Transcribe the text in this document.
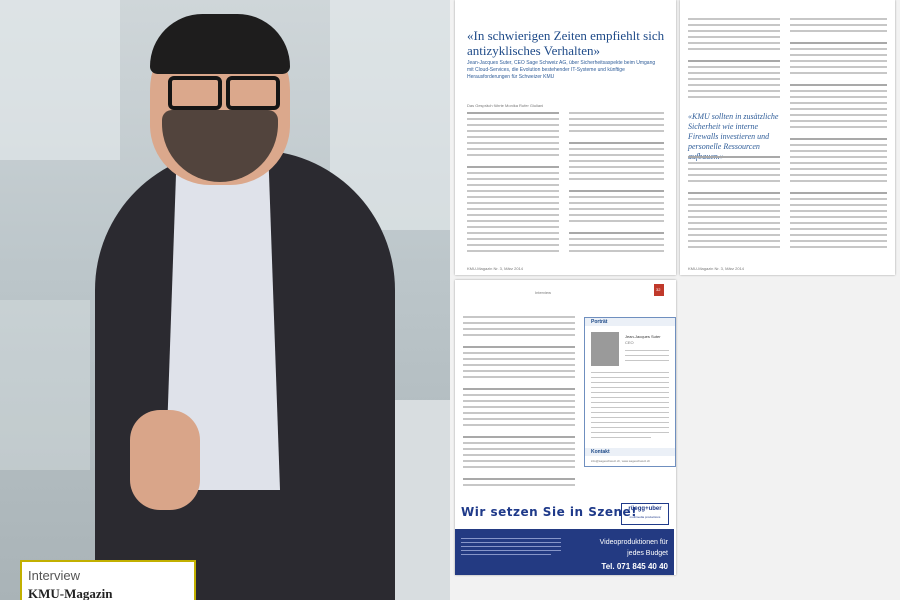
Interview
KMU-Magazin
«In schwierigen Zeiten empfiehlt sich antizyklisches Verhalten»
Jean-Jacques Suter, CEO Sage Schweiz AG, über Sicherheitsaspekte beim Umgang mit Cloud-Services, die Evolution bestehender IT-Systeme und künftige Herausforderungen für Schweizer KMU
Das Gespräch führte Monika Rufer Giuliani
KMU-Magazin Nr. 3, März 2014
«KMU sollten in zusätzliche Sicherheit wie interne Firewalls investieren und personelle Ressourcen
KMU-Magazin Nr. 3, März 2014
Interview
32
Porträt
Jean-Jacques Suter
CEO
Kontakt
info@sageschweiz.ch, www.sageschweiz.ch
Wir setzen Sie in Szene!
rüegg+uber
multimedia productions
Videoproduktionen für
jedes Budget
Tel. 071 845 40 40
